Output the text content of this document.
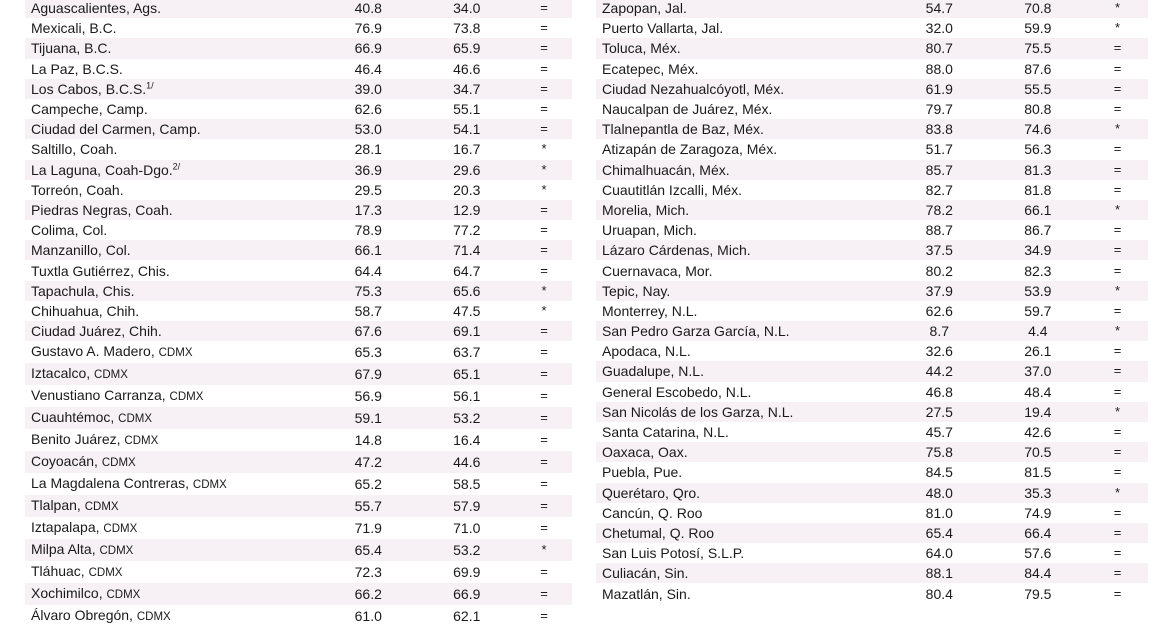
Aguascalientes, Ags.	40.8	34.0	=
Mexicali, B.C.	76.9	73.8	=
Tijuana, B.C.	66.9	65.9	=
La Paz, B.C.S.	46.4	46.6	=
Los Cabos, B.C.S.$^{1/}$	39.0	34.7	=
Campeche, Camp.	62.6	55.1	=
Ciudad del Carmen, Camp.	53.0	54.1	=
Saltillo, Coah.	28.1	16.7	*
La Laguna, Coah-Dgo.$^{2/}$	36.9	29.6	*
Torreón, Coah.	29.5	20.3	*
Piedras Negras, Coah.	17.3	12.9	=
Colima, Col.	78.9	77.2	=
Manzanillo, Col.	66.1	71.4	=
Tuxtla Gutiérrez, Chis.	64.4	64.7	=
Tapachula, Chis.	75.3	65.6	*
Chihuahua, Chih.	58.7	47.5	*
Ciudad Juárez, Chih.	67.6	69.1	=
Gustavo A. Madero, CDMX	65.3	63.7	=
Iztacalco, CDMX	67.9	65.1	=
Venustiano Carranza, CDMX	56.9	56.1	=
Cuauhtémoc, CDMX	59.1	53.2	=
Benito Juárez, CDMX	14.8	16.4	=
Coyoacán, CDMX	47.2	44.6	=
La Magdalena Contreras, CDMX	65.2	58.5	=
Tlalpan, CDMX	55.7	57.9	=
Iztapalapa, CDMX	71.9	71.0	=
Milpa Alta, CDMX	65.4	53.2	*
Tláhuac, CDMX	72.3	69.9	=
Xochimilco, CDMX	66.2	66.9	=
Álvaro Obregón, CDMX	61.0	62.1	=
Zapopan, Jal.	54.7	70.8	*
Puerto Vallarta, Jal.	32.0	59.9	*
Toluca, Méx.	80.7	75.5	=
Ecatepec, Méx.	88.0	87.6	=
Ciudad Nezahualcóyotl, Méx.	61.9	55.5	=
Naucalpan de Juárez, Méx.	79.7	80.8	=
Tlalnepantla de Baz, Méx.	83.8	74.6	*
Atizapán de Zaragoza, Méx.	51.7	56.3	=
Chimalhuacán, Méx.	85.7	81.3	=
Cuautitlán Izcalli, Méx.	82.7	81.8	=
Morelia, Mich.	78.2	66.1	*
Uruapan, Mich.	88.7	86.7	=
Lázaro Cárdenas, Mich.	37.5	34.9	=
Cuernavaca, Mor.	80.2	82.3	=
Tepic, Nay.	37.9	53.9	*
Monterrey, N.L.	62.6	59.7	=
San Pedro Garza García, N.L.	8.7	4.4	*
Apodaca, N.L.	32.6	26.1	=
Guadalupe, N.L.	44.2	37.0	=
General Escobedo, N.L.	46.8	48.4	=
San Nicolás de los Garza, N.L.	27.5	19.4	*
Santa Catarina, N.L.	45.7	42.6	=
Oaxaca, Oax.	75.8	70.5	=
Puebla, Pue.	84.5	81.5	=
Querétaro, Qro.	48.0	35.3	*
Cancún, Q. Roo	81.0	74.9	=
Chetumal, Q. Roo	65.4	66.4	=
San Luis Potosí, S.L.P.	64.0	57.6	=
Culiacán, Sin.	88.1	84.4	=
Mazatlán, Sin.	80.4	79.5	=
